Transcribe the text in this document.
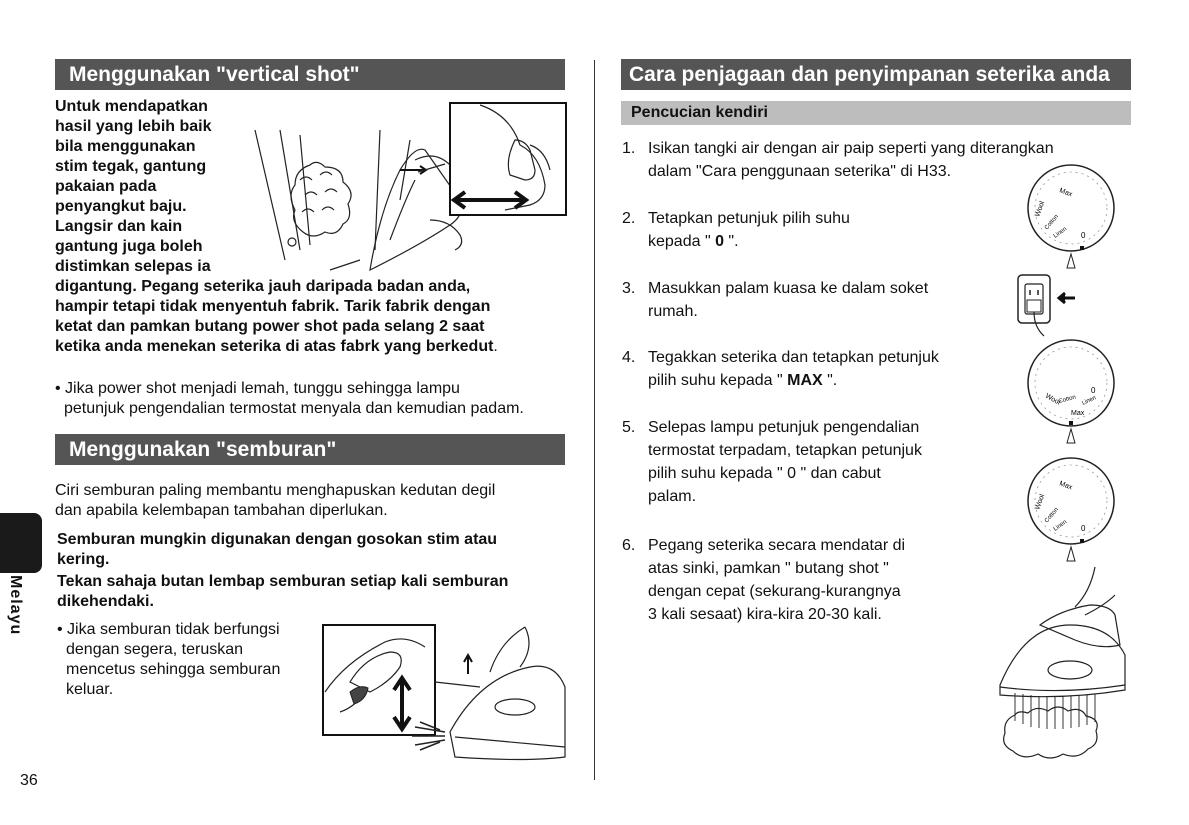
Menggunakan "vertical shot"

Untuk mendapatkan

hasil yang lebih baik

bila menggunakan

stim tegak, gantung

pakaian pada

penyangkut baju.

Langsir dan kain

gantung juga boleh

distimkan selepas ia

digantung. Pegang seterika jauh daripada badan anda,

hampir tetapi tidak menyentuh fabrik. Tarik fabrik dengan

ketat dan pamkan butang power shot pada selang 2 saat

ketika anda menekan seterika di atas fabrk yang berkedut.

• Jika power shot menjadi lemah, tunggu sehingga lampu

petunjuk pengendalian termostat menyala dan kemudian padam.

Menggunakan "semburan"

Ciri semburan paling membantu menghapuskan kedutan degil

dan apabila kelembapan tambahan diperlukan.

Semburan mungkin digunakan dengan gosokan stim atau

kering.

Tekan sahaja butan lembap semburan setiap kali semburan

dikehendaki.

• Jika semburan tidak berfungsi

dengan segera, teruskan

mencetus sehingga semburan

keluar.

Cara penjagaan dan penyimpanan seterika anda
Pencucian kendiri
1. Isikan tangki air dengan air paip seperti yang diterangkan
dalam "Cara penggunaan seterika" di H33.
2. Tetapkan petunjuk pilih suhu
kepada " 0 ".
3. Masukkan palam kuasa ke dalam soket
rumah.
4. Tegakkan seterika dan tetapkan petunjuk
pilih suhu kepada " MAX ".
5. Selepas lampu petunjuk pengendalian
termostat terpadam, tetapkan petunjuk
pilih suhu kepada " 0 " dan cabut
palam.
6. Pegang seterika secara mendatar di
atas sinki, pamkan " butang shot "
dengan cepat (sekurang-kurangnya
3 kali sesaat) kira-kira 20-30 kali.
Max
Wool
Cotton
Linen 0
Max
Wool
Cotton Linen
0
Max
Wool
Cotton
Linen 0
Melayu
36
